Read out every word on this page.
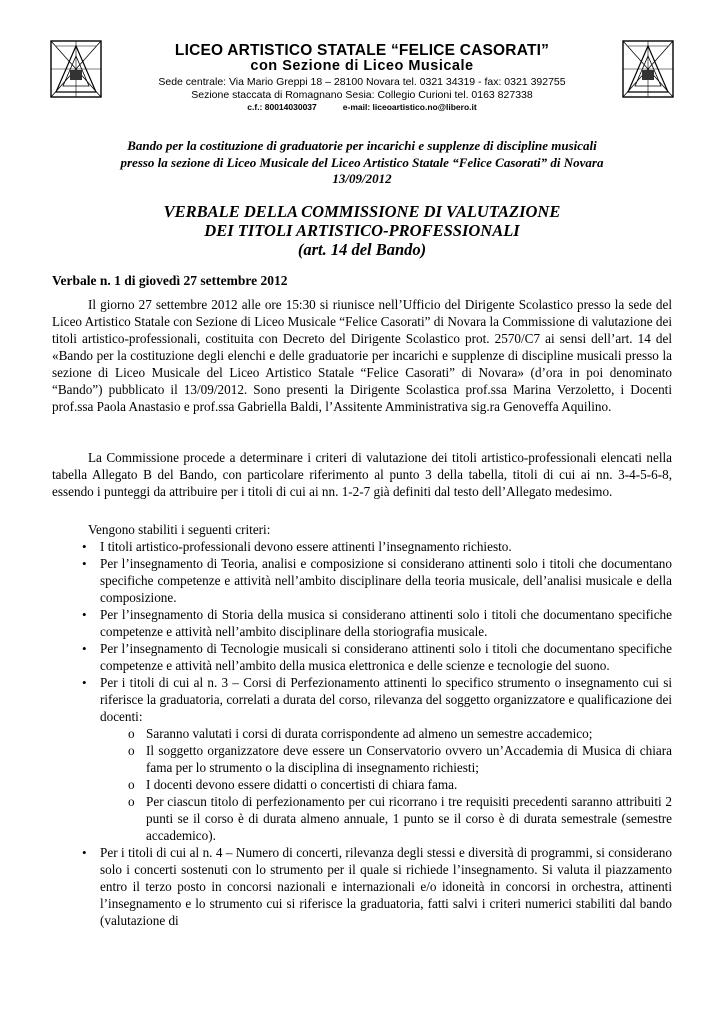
LICEO ARTISTICO STATALE “FELICE CASORATI”
con Sezione di Liceo Musicale
Sede centrale: Via Mario Greppi 18 – 28100 Novara tel. 0321 34319 - fax: 0321 392755
Sezione staccata di Romagnano Sesia: Collegio Curioni tel. 0163 827338
c.f.: 80014030037	e-mail: liceoartistico.no@libero.it
Bando per la costituzione di graduatorie per incarichi e supplenze di discipline musicali
presso la sezione di Liceo Musicale del Liceo Artistico Statale “Felice Casorati” di Novara
13/09/2012
VERBALE DELLA COMMISSIONE DI VALUTAZIONE
DEI TITOLI ARTISTICO-PROFESSIONALI
(art. 14 del Bando)
Verbale n. 1 di giovedì 27 settembre 2012

Il giorno 27 settembre 2012 alle ore 15:30 si riunisce nell’Ufficio del Dirigente Scolastico presso la sede del Liceo Artistico Statale con Sezione di Liceo Musicale “Felice Casorati” di Novara la Commissione di valutazione dei titoli artistico-professionali, costituita con Decreto del Dirigente Scolastico prot. 2570/C7 ai sensi dell’art. 14 del «Bando per la costituzione degli elenchi e delle graduatorie per incarichi e supplenze di discipline musicali presso la sezione di Liceo Musicale del Liceo Artistico Statale “Felice Casorati” di Novara» (d’ora in poi denominato “Bando”) pubblicato il 13/09/2012. Sono presenti la Dirigente Scolastica prof.ssa Marina Verzoletto, i Docenti prof.ssa Paola Anastasio e prof.ssa Gabriella Baldi, l’Assitente Amministrativa sig.ra Genoveffa Aquilino.

La Commissione procede a determinare i criteri di valutazione dei titoli artistico-professionali elencati nella tabella Allegato B del Bando, con particolare riferimento al punto 3 della tabella, titoli di cui ai nn. 3-4-5-6-8, essendo i punteggi da attribuire per i titoli di cui ai nn. 1-2-7 già definiti dal testo dell’Allegato medesimo.

Vengono stabiliti i seguenti criteri:

• I titoli artistico-professionali devono essere attinenti l’insegnamento richiesto.
• Per l’insegnamento di Teoria, analisi e composizione si considerano attinenti solo i titoli che documentano specifiche competenze e attività nell’ambito disciplinare della teoria musicale, dell’analisi musicale e della composizione.
• Per l’insegnamento di Storia della musica si considerano attinenti solo i titoli che documentano specifiche competenze e attività nell’ambito disciplinare della storiografia musicale.
• Per l’insegnamento di Tecnologie musicali si considerano attinenti solo i titoli che documentano specifiche competenze e attività nell’ambito della musica elettronica e delle scienze e tecnologie del suono.
• Per i titoli di cui al n. 3 – Corsi di Perfezionamento attinenti lo specifico strumento o insegnamento cui si riferisce la graduatoria, correlati a durata del corso, rilevanza del soggetto organizzatore e qualificazione dei docenti:
o Saranno valutati i corsi di durata corrispondente ad almeno un semestre accademico;
o Il soggetto organizzatore deve essere un Conservatorio ovvero un’Accademia di Musica di chiara fama per lo strumento o la disciplina di insegnamento richiesti;
o I docenti devono essere didatti o concertisti di chiara fama.
o Per ciascun titolo di perfezionamento per cui ricorrano i tre requisiti precedenti saranno attribuiti 2 punti se il corso è di durata almeno annuale, 1 punto se il corso è di durata semestrale (semestre accademico).
• Per i titoli di cui al n. 4 – Numero di concerti, rilevanza degli stessi e diversità di programmi, si considerano solo i concerti sostenuti con lo strumento per il quale si richiede l’insegnamento. Si valuta il piazzamento entro il terzo posto in concorsi nazionali e internazionali e/o idoneità in concorsi in orchestra, attinenti l’insegnamento e lo strumento cui si riferisce la graduatoria, fatti salvi i criteri numerici stabiliti dal bando (valutazione di
